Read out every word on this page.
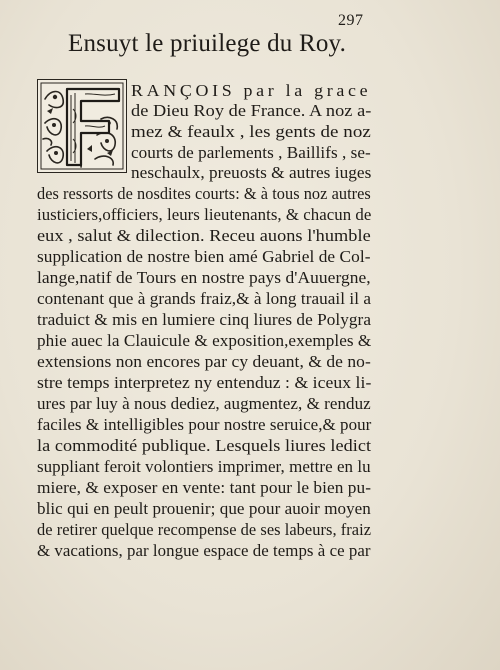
297
Ensuyt le priuilege du Roy.
RANÇOIS par la grace
de Dieu Roy de France. A noz a-
mez & feaulx , les gents de noz
courts de parlements , Baillifs , se-
neschaulx, preuosts & autres iuges
des ressorts de nosdites courts: & à tous noz autres
iusticiers,officiers, leurs lieutenants, & chacun de
eux , salut & dilection. Receu auons l'humble
supplication de nostre bien amé Gabriel de Col-
lange,natif de Tours en nostre pays d'Auuergne,
contenant que à grands fraiz,& à long trauail il a
traduict & mis en lumiere cinq liures de Polygra
phie auec la Clauicule & exposition,exemples &
extensions non encores par cy deuant, & de no-
stre temps interpretez ny entenduz : & iceux li-
ures par luy à nous dediez, augmentez, & renduz
faciles & intelligibles pour nostre seruice,& pour
la commodité publique. Lesquels liures ledict
suppliant feroit volontiers imprimer, mettre en lu
miere, & exposer en vente: tant pour le bien pu-
blic qui en peult prouenir; que pour auoir moyen
de retirer quelque recompense de ses labeurs, fraiz
& vacations, par longue espace de temps à ce par
